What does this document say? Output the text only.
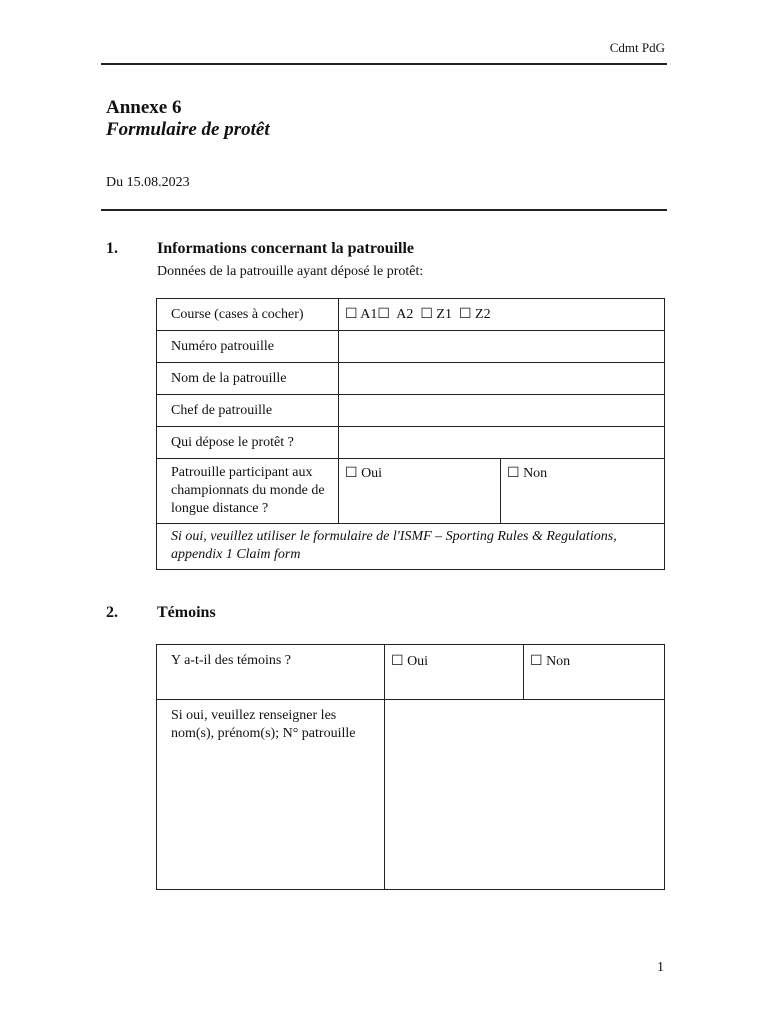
Cdmt PdG
Annexe 6
Formulaire de protêt
Du 15.08.2023
1. Informations concernant la patrouille
Données de la patrouille ayant déposé le protêt:
Course (cases à cocher)	☐ A1☐ A2 ☐ Z1 ☐ Z2	
Numéro patrouille		
Nom de la patrouille		
Chef de patrouille		
Qui dépose le protêt ?		
Patrouille participant aux championnats du monde de longue distance ?	☐ Oui	☐ Non
Si oui, veuillez utiliser le formulaire de l'ISMF – Sporting Rules & Regulations, appendix 1 Claim form		
2. Témoins
Y a-t-il des témoins ?	☐ Oui	☐ Non
Si oui, veuillez renseigner les nom(s), prénom(s); N° patrouille		
1
